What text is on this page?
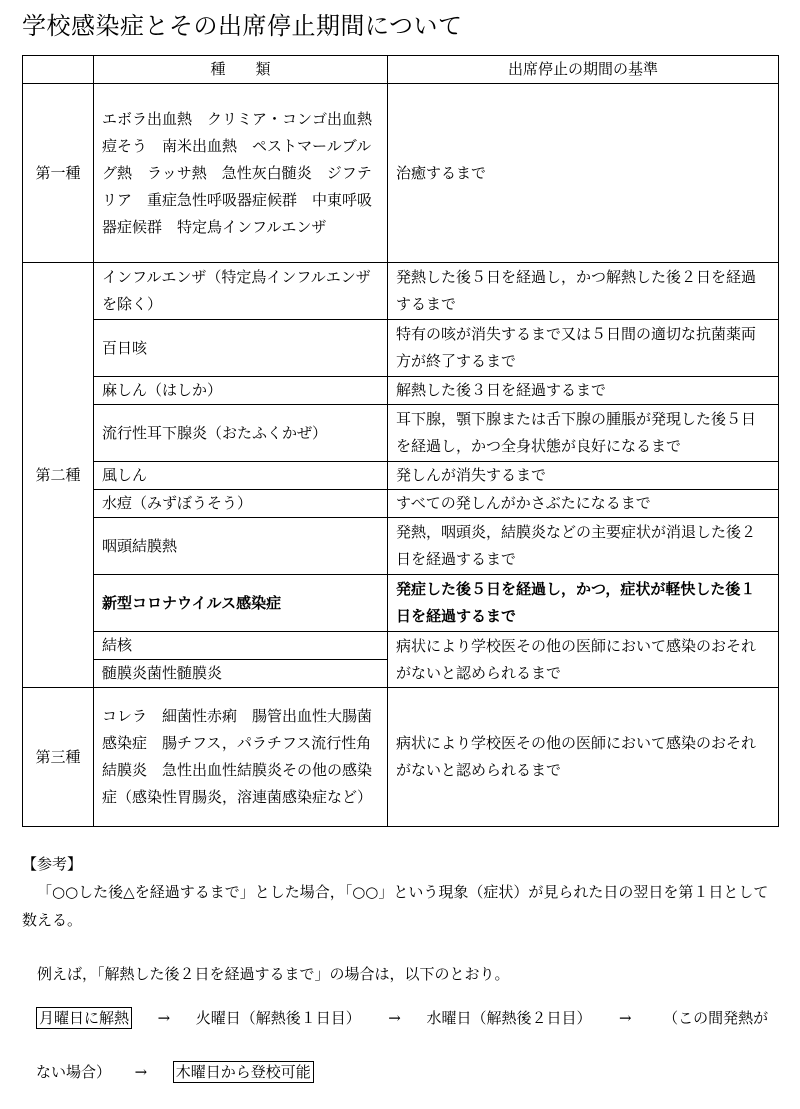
学校感染症とその出席停止期間について
	種　　類	出席停止の期間の基準
第一種	エボラ出血熱　クリミア・コンゴ出血熱　痘そう　南米出血熱　ペストマールブルグ熱　ラッサ熱　急性灰白髄炎　ジフテリア　重症急性呼吸器症候群　中東呼吸器症候群　特定鳥インフルエンザ	治癒するまで
第二種	インフルエンザ（特定鳥インフルエンザを除く）	発熱した後５日を経過し，かつ解熱した後２日を経過するまで
	百日咳	特有の咳が消失するまで又は５日間の適切な抗菌薬両方が終了するまで
	麻しん（はしか）	解熱した後３日を経過するまで
	流行性耳下腺炎（おたふくかぜ）	耳下腺，顎下腺または舌下腺の腫脹が発現した後５日を経過し，かつ全身状態が良好になるまで
	風しん	発しんが消失するまで
	水痘（みずぼうそう）	すべての発しんがかさぶたになるまで
	咽頭結膜熱	発熱，咽頭炎，結膜炎などの主要症状が消退した後２日を経過するまで
	新型コロナウイルス感染症	発症した後５日を経過し，かつ，症状が軽快した後１日を経過するまで
	結核	病状により学校医その他の医師において感染のおそれがないと認められるまで
	髄膜炎菌性髄膜炎	
第三種	コレラ　細菌性赤痢　腸管出血性大腸菌感染症　腸チフス，パラチフス流行性角結膜炎　急性出血性結膜炎その他の感染症（感染性胃腸炎，溶連菌感染症など）	病状により学校医その他の医師において感染のおそれがないと認められるまで
【参考】
「○○した後△を経過するまで」とした場合，「○○」という現象（症状）が見られた日の翌日を第１日として数える。
例えば，「解熱した後２日を経過するまで」の場合は，以下のとおり。
月曜日に解熱 → 火曜日（解熱後１日目） → 水曜日（解熱後２日目） → （この間発熱が
ない場合） → 木曜日から登校可能
